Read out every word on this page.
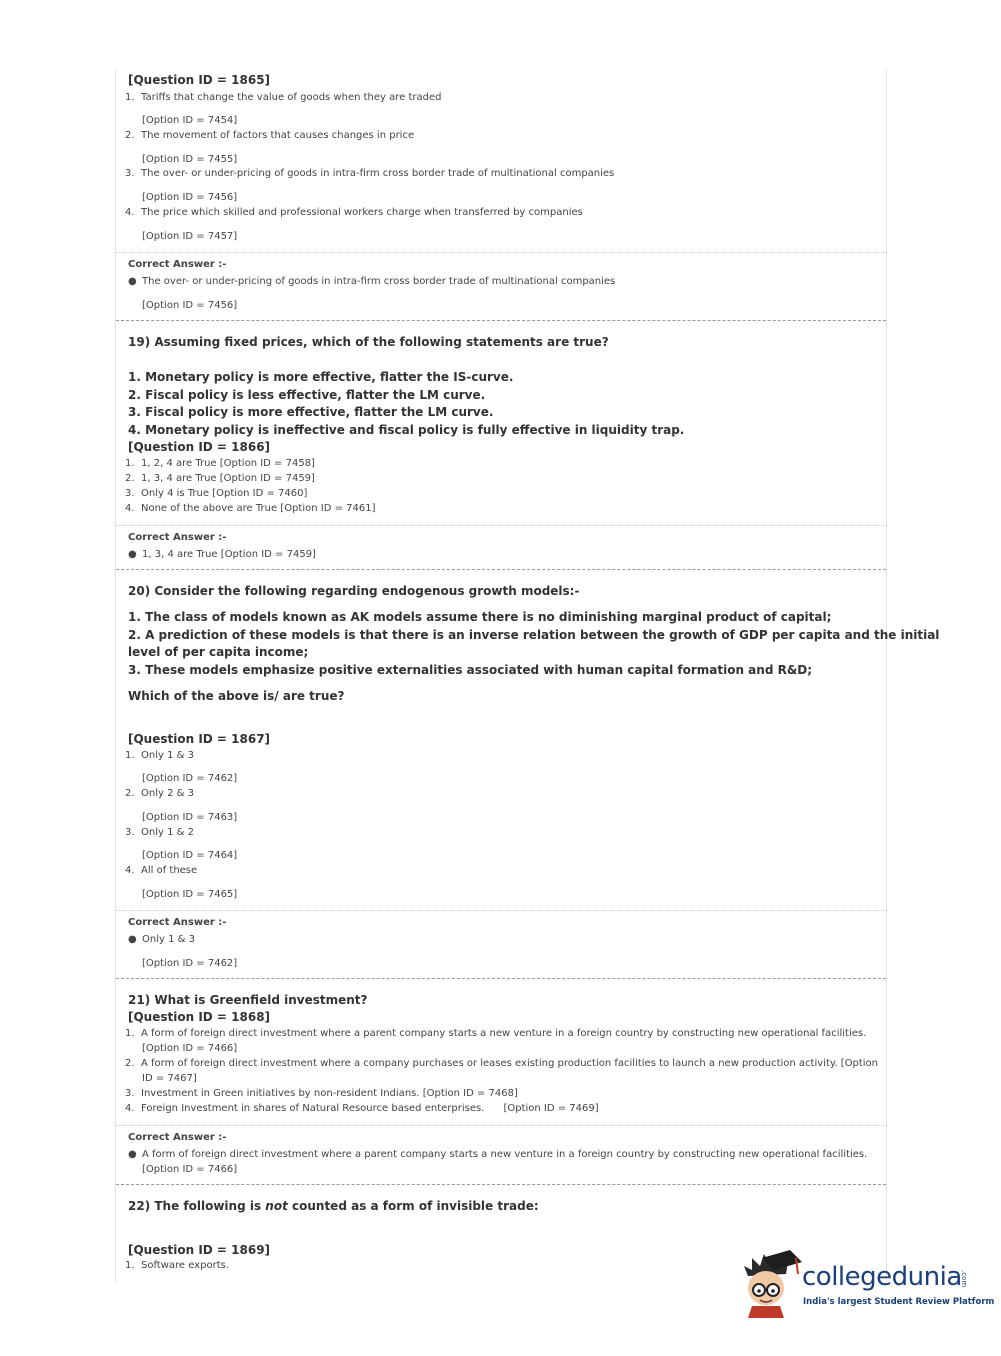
[Question ID = 1865]
1. Tariffs that change the value of goods when they are traded
[Option ID = 7454]
2. The movement of factors that causes changes in price
[Option ID = 7455]
3. The over- or under-pricing of goods in intra-firm cross border trade of multinational companies
[Option ID = 7456]
4. The price which skilled and professional workers charge when transferred by companies
[Option ID = 7457]
Correct Answer :-
● The over- or under-pricing of goods in intra-firm cross border trade of multinational companies
[Option ID = 7456]
19) Assuming fixed prices, which of the following statements are true?
1. Monetary policy is more effective, flatter the IS-curve.
2. Fiscal policy is less effective, flatter the LM curve.
3. Fiscal policy is more effective, flatter the LM curve.
4. Monetary policy is ineffective and fiscal policy is fully effective in liquidity trap.
[Question ID = 1866]
1. 1, 2, 4 are True [Option ID = 7458]
2. 1, 3, 4 are True [Option ID = 7459]
3. Only 4 is True [Option ID = 7460]
4. None of the above are True [Option ID = 7461]
Correct Answer :-
● 1, 3, 4 are True [Option ID = 7459]
20) Consider the following regarding endogenous growth models:-
1. The class of models known as AK models assume there is no diminishing marginal product of capital;
2. A prediction of these models is that there is an inverse relation between the growth of GDP per capita and the initial
level of per capita income;
3. These models emphasize positive externalities associated with human capital formation and R&D;
Which of the above is/ are true?
[Question ID = 1867]
1. Only 1 & 3
[Option ID = 7462]
2. Only 2 & 3
[Option ID = 7463]
3. Only 1 & 2
[Option ID = 7464]
4. All of these
[Option ID = 7465]
Correct Answer :-
● Only 1 & 3
[Option ID = 7462]
21) What is Greenfield investment?
[Question ID = 1868]
1. A form of foreign direct investment where a parent company starts a new venture in a foreign country by constructing new operational facilities.
[Option ID = 7466]
2. A form of foreign direct investment where a company purchases or leases existing production facilities to launch a new production activity. [Option
ID = 7467]
3. Investment in Green initiatives by non-resident Indians. [Option ID = 7468]
4. Foreign Investment in shares of Natural Resource based enterprises.      [Option ID = 7469]
Correct Answer :-
● A form of foreign direct investment where a parent company starts a new venture in a foreign country by constructing new operational facilities.
[Option ID = 7466]
22) The following is not counted as a form of invisible trade:
[Question ID = 1869]
1. Software exports.	collegedunia
.com
India's largest Student Review Platform
